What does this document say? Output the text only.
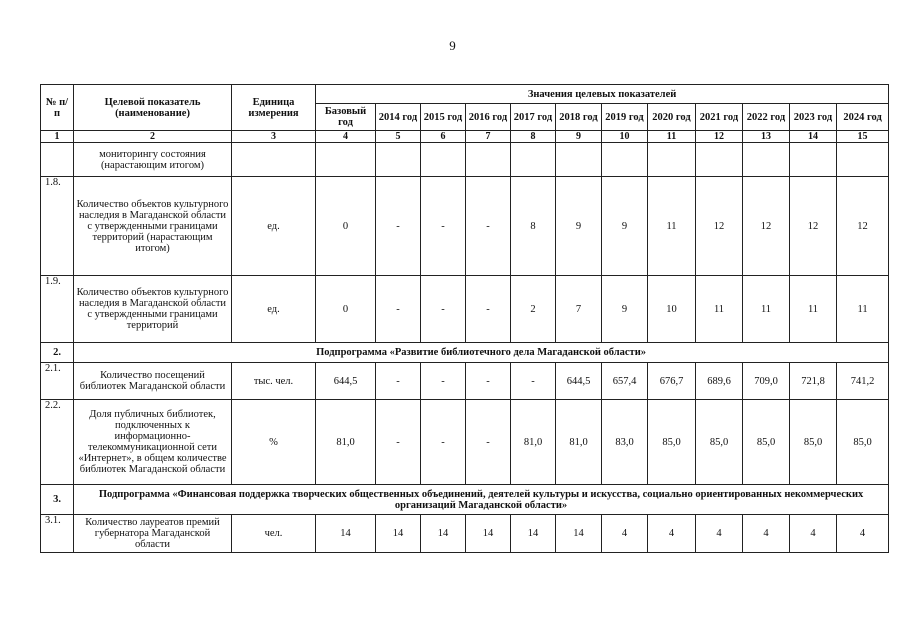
9
№ п/п	Целевой показатель (наименование)	Единица измерения	Значения целевых показателей											
			Базовый год	2014 год	2015 год	2016 год	2017 год	2018 год	2019 год	2020 год	2021 год	2022 год	2023 год	2024 год
1	2	3	4	5	6	7	8	9	10	11	12	13	14	15
	мониторингу состояния (нарастающим итогом)													
1.8.	Количество объектов культурного наследия в Магаданской области с утвержденными границами территорий (нарастающим итогом)	ед.	0	-	-	-	8	9	9	11	12	12	12	12
1.9.	Количество объектов культурного наследия в Магаданской области с утвержденными границами территорий	ед.	0	-	-	-	2	7	9	10	11	11	11	11
2.	Подпрограмма «Развитие библиотечного дела Магаданской области»													
2.1.	Количество посещений библиотек Магаданской области	тыс. чел.	644,5	-	-	-	-	644,5	657,4	676,7	689,6	709,0	721,8	741,2
2.2.	Доля публичных библиотек, подключенных к информационно-телекоммуникационной сети «Интернет», в общем количестве библиотек Магаданской области	%	81,0	-	-	-	81,0	81,0	83,0	85,0	85,0	85,0	85,0	85,0
3.	Подпрограмма «Финансовая поддержка творческих общественных объединений, деятелей культуры и искусства, социально ориентированных некоммерческих организаций Магаданской области»													
3.1.	Количество лауреатов премий губернатора Магаданской области	чел.	14	14	14	14	14	14	4	4	4	4	4	4
